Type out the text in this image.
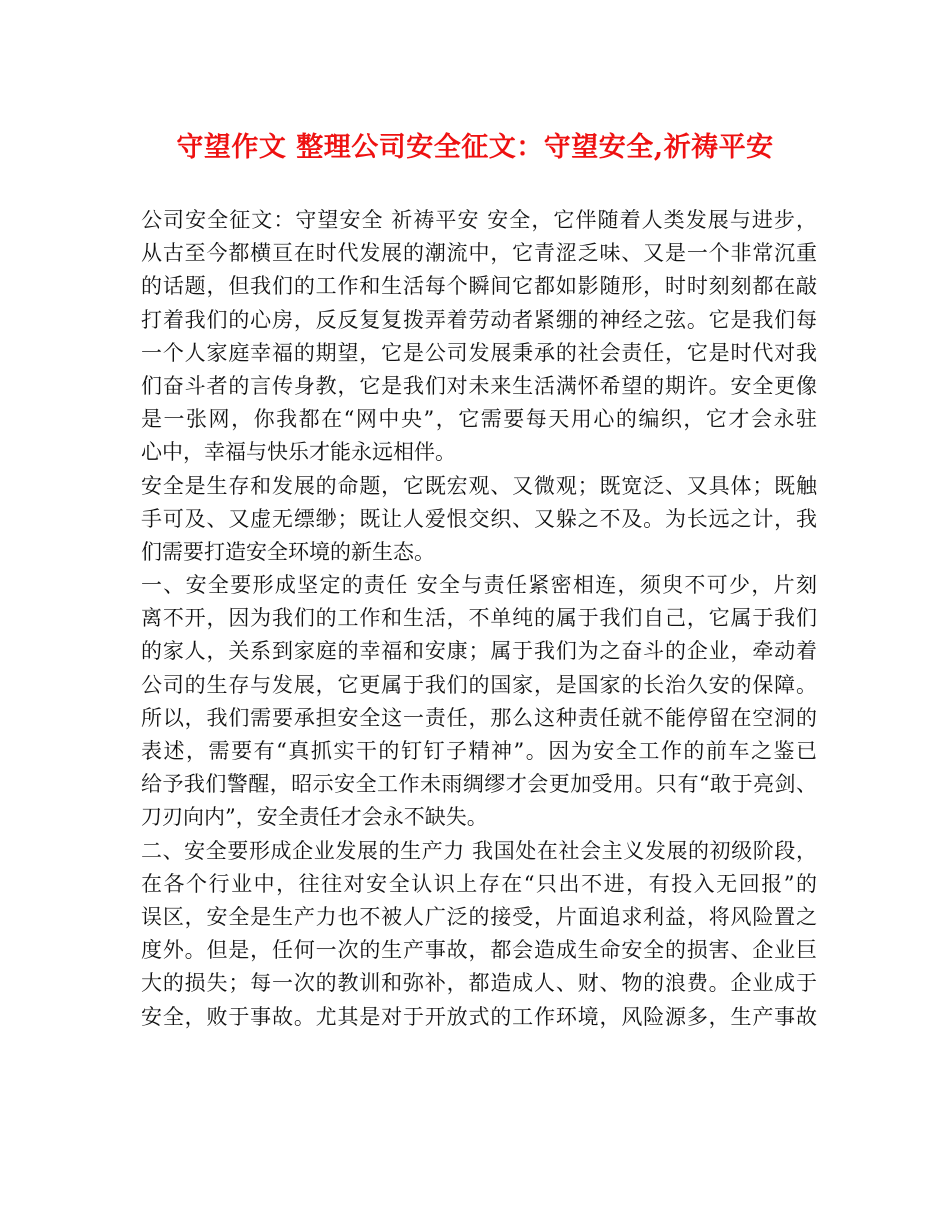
守望作文 整理公司安全征文：守望安全,祈祷平安
公司安全征文：守望安全 祈祷平安 安全，它伴随着人类发展与进步，
从古至今都横亘在时代发展的潮流中，它青涩乏味、又是一个非常沉重
的话题，但我们的工作和生活每个瞬间它都如影随形，时时刻刻都在敲
打着我们的心房，反反复复拨弄着劳动者紧绷的神经之弦。它是我们每
一个人家庭幸福的期望，它是公司发展秉承的社会责任，它是时代对我
们奋斗者的言传身教，它是我们对未来生活满怀希望的期许。安全更像
是一张网，你我都在“网中央”，它需要每天用心的编织，它才会永驻
心中，幸福与快乐才能永远相伴。
安全是生存和发展的命题，它既宏观、又微观；既宽泛、又具体；既触
手可及、又虚无缥缈；既让人爱恨交织、又躲之不及。为长远之计，我
们需要打造安全环境的新生态。
一、安全要形成坚定的责任 安全与责任紧密相连，须臾不可少，片刻
离不开，因为我们的工作和生活，不单纯的属于我们自己，它属于我们
的家人，关系到家庭的幸福和安康；属于我们为之奋斗的企业，牵动着
公司的生存与发展，它更属于我们的国家，是国家的长治久安的保障。
所以，我们需要承担安全这一责任，那么这种责任就不能停留在空洞的
表述，需要有“真抓实干的钉钉子精神”。因为安全工作的前车之鉴已
给予我们警醒，昭示安全工作未雨绸缪才会更加受用。只有“敢于亮剑、
刀刃向内”，安全责任才会永不缺失。
二、安全要形成企业发展的生产力 我国处在社会主义发展的初级阶段，
在各个行业中，往往对安全认识上存在“只出不进，有投入无回报”的
误区，安全是生产力也不被人广泛的接受，片面追求利益，将风险置之
度外。但是，任何一次的生产事故，都会造成生命安全的损害、企业巨
大的损失；每一次的教训和弥补，都造成人、财、物的浪费。企业成于
安全，败于事故。尤其是对于开放式的工作环境，风险源多，生产事故
